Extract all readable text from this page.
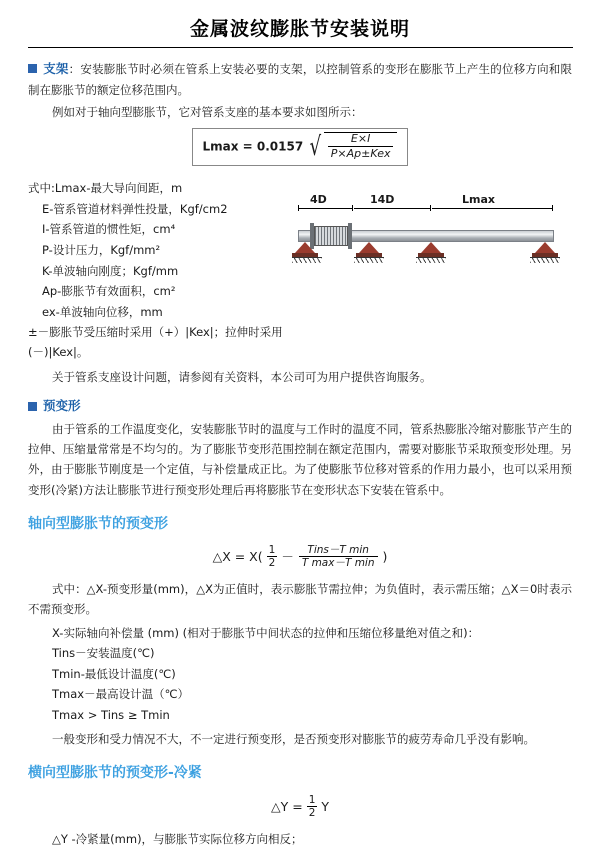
金属波纹膨胀节安装说明

支架：安装膨胀节时必须在管系上安装必要的支架，以控制管系的变形在膨胀节上产生的位移方向和限制在膨胀节的额定位移范围内。

例如对于轴向型膨胀节，它对管系支座的基本要求如图所示：

Lmax = 0.0157 √ $\frac{E\times I}{\text{P×Ap±Kex}}$
式中:Lmax-最大导向间距，m
E-管系管道材料弹性投量，Kgf/cm2
I-管系管道的惯性矩，cm⁴
P-设计压力，Kgf/mm²
K-单波轴向刚度；Kgf/mm
Ap-膨胀节有效面积，cm²
ex-单波轴向位移，mm
±－膨胀节受压缩时采用（+）|Kex|；拉伸时采用(－)|Kex|。
4D	14D	Lmax

关于管系支座设计问题，请参阅有关资料，本公司可为用户提供咨询服务。

预变形

由于管系的工作温度变化，安装膨胀节时的温度与工作时的温度不同，管系热膨胀冷缩对膨胀节产生的拉伸、压缩量常常是不均匀的。为了膨胀节变形范围控制在额定范围内，需要对膨胀节采取预变形处理。另外，由于膨胀节刚度是一个定值，与补偿量成正比。为了使膨胀节位移对管系的作用力最小，也可以采用预变形(冷紧)方法让膨胀节进行预变形处理后再将膨胀节在变形状态下安装在管系中。

轴向型膨胀节的预变形
△X = $X( \frac{1}{2}$ －	Tins－T min
T max－T min )

式中：△X-预变形量(mm)，△X为正值时，表示膨胀节需拉伸；为负值时，表示需压缩；△X＝0时表示不需预变形。

X-实际轴向补偿量 (mm) (相对于膨胀节中间状态的拉伸和压缩位移量绝对值之和)：
Tins－安装温度(℃)
Tmin-最低设计温度(℃)
Tmax－最高设计温（℃）
Tmax > Tins ≥ Tmin

一般变形和受力情况不大，不一定进行预变形，是否预变形对膨胀节的疲劳寿命几乎没有影响。

横向型膨胀节的预变形-冷紧
△Y = $\frac{1}{2}$ Y

△Y -冷紧量(mm)，与膨胀节实际位移方向相反；
